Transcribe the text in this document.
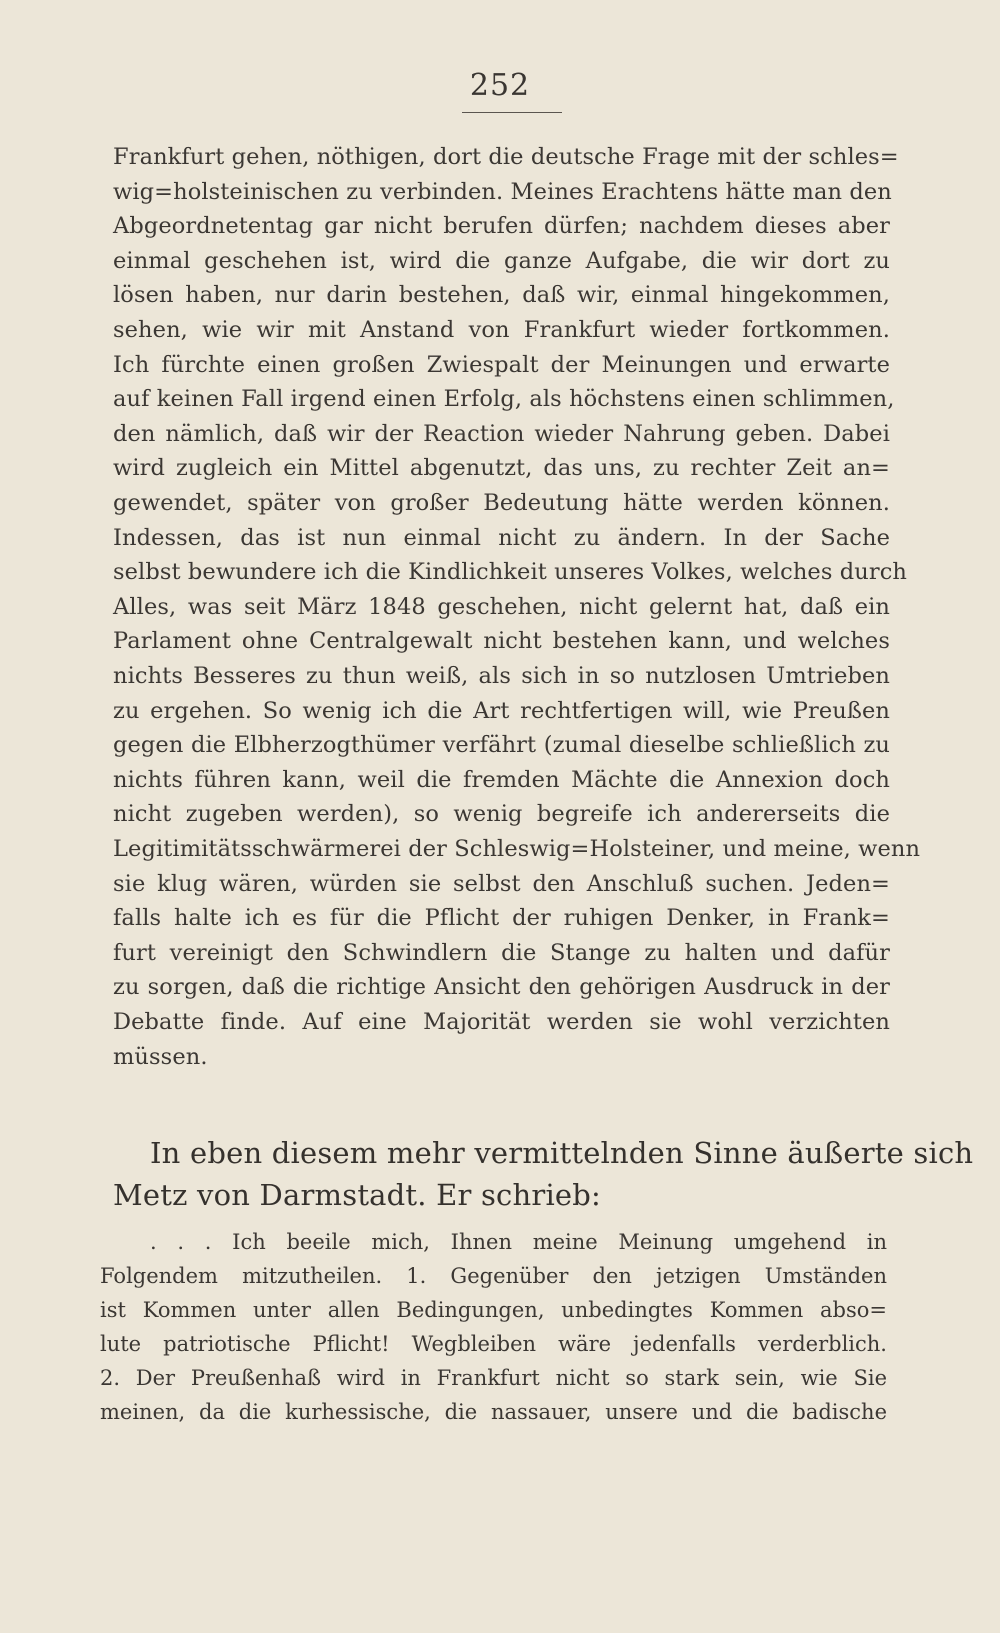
252
Frankfurt gehen, nöthigen, dort die deutsche Frage mit der schles=
wig=holsteinischen zu verbinden. Meines Erachtens hätte man den
Abgeordnetentag gar nicht berufen dürfen; nachdem dieses aber
einmal geschehen ist, wird die ganze Aufgabe, die wir dort zu
lösen haben, nur darin bestehen, daß wir, einmal hingekommen,
sehen, wie wir mit Anstand von Frankfurt wieder fortkommen.
Ich fürchte einen großen Zwiespalt der Meinungen und erwarte
auf keinen Fall irgend einen Erfolg, als höchstens einen schlimmen,
den nämlich, daß wir der Reaction wieder Nahrung geben. Dabei
wird zugleich ein Mittel abgenutzt, das uns, zu rechter Zeit an=
gewendet, später von großer Bedeutung hätte werden können.
Indessen, das ist nun einmal nicht zu ändern. In der Sache
selbst bewundere ich die Kindlichkeit unseres Volkes, welches durch
Alles, was seit März 1848 geschehen, nicht gelernt hat, daß ein
Parlament ohne Centralgewalt nicht bestehen kann, und welches
nichts Besseres zu thun weiß, als sich in so nutzlosen Umtrieben
zu ergehen. So wenig ich die Art rechtfertigen will, wie Preußen
gegen die Elbherzogthümer verfährt (zumal dieselbe schließlich zu
nichts führen kann, weil die fremden Mächte die Annexion doch
nicht zugeben werden), so wenig begreife ich andererseits die
Legitimitätsschwärmerei der Schleswig=Holsteiner, und meine, wenn
sie klug wären, würden sie selbst den Anschluß suchen. Jeden=
falls halte ich es für die Pflicht der ruhigen Denker, in Frank=
furt vereinigt den Schwindlern die Stange zu halten und dafür
zu sorgen, daß die richtige Ansicht den gehörigen Ausdruck in der
Debatte finde. Auf eine Majorität werden sie wohl verzichten
müssen.
In eben diesem mehr vermittelnden Sinne äußerte sich
Metz von Darmstadt. Er schrieb:
. . . Ich beeile mich, Ihnen meine Meinung umgehend in
Folgendem mitzutheilen. 1. Gegenüber den jetzigen Umständen
ist Kommen unter allen Bedingungen, unbedingtes Kommen abso=
lute patriotische Pflicht! Wegbleiben wäre jedenfalls verderblich.
2. Der Preußenhaß wird in Frankfurt nicht so stark sein, wie Sie
meinen, da die kurhessische, die nassauer, unsere und die badische
